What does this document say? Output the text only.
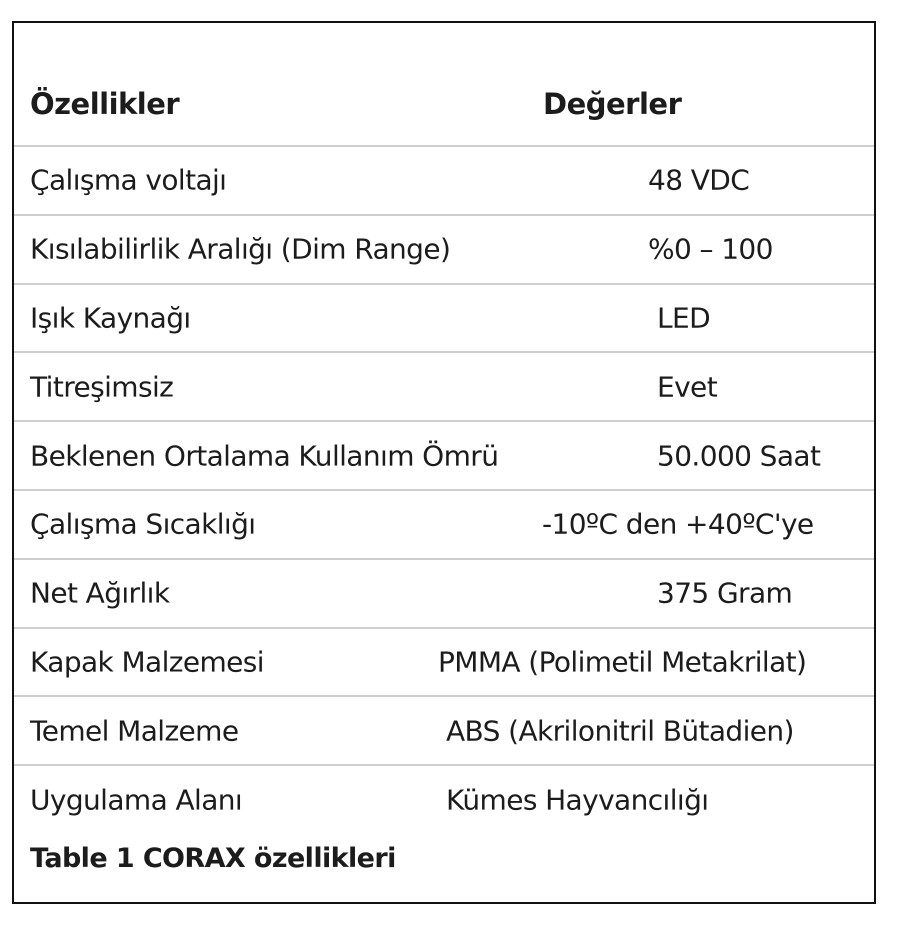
Özellikler	Değerler
Çalışma voltajı	48 VDC
Kısılabilirlik Aralığı (Dim Range)	%0 – 100
Işık Kaynağı	LED
Titreşimsiz	Evet
Beklenen Ortalama Kullanım Ömrü	50.000 Saat
Çalışma Sıcaklığı	-10ºC den +40ºC'ye
Net Ağırlık	375 Gram
Kapak Malzemesi	PMMA (Polimetil Metakrilat)
Temel Malzeme	ABS (Akrilonitril Bütadien)
Uygulama Alanı	Kümes Hayvancılığı
Table 1 CORAX özellikleri
